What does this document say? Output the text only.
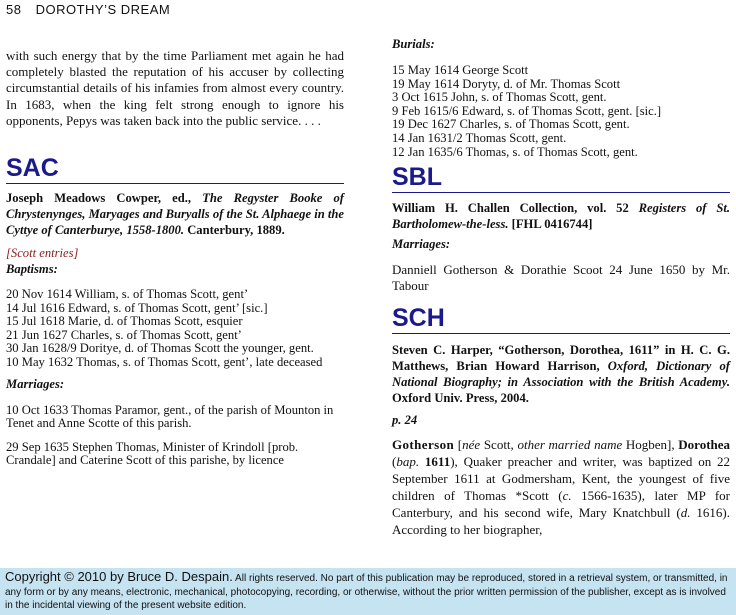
58 DOROTHY’S DREAM

with such energy that by the time Parliament met again he had completely blasted the reputation of his accuser by collecting circumstantial details of his infamies from almost every country. In 1683, when the king felt strong enough to ignore his opponents, Pepys was taken back into the public service. . . .

SAC

Joseph Meadows Cowper, ed., The Regyster Booke of Chrystenynges, Maryages and Buryalls of the St. Alphaege in the Cyttye of Canterburye, 1558-1800. Canterbury, 1889.

[Scott entries]

Baptisms:

20 Nov 1614 William, s. of Thomas Scott, gent’

14 Jul 1616 Edward, s. of Thomas Scott, gent’ [sic.]

15 Jul 1618 Marie, d. of Thomas Scott, esquier

21 Jun 1627 Charles, s. of Thomas Scott, gent’

30 Jan 1628/9 Doritye, d. of Thomas Scott the younger, gent.

10 May 1632 Thomas, s. of Thomas Scott, gent’, late deceased

Marriages:

10 Oct 1633 Thomas Paramor, gent., of the parish of Mounton in Tenet and Anne Scotte of this parish.

29 Sep 1635 Stephen Thomas, Minister of Krindoll [prob. Crandale] and Caterine Scott of this parishe, by licence

Burials:

15 May 1614 George Scott

19 May 1614 Doryty, d. of Mr. Thomas Scott

3 Oct 1615 John, s. of Thomas Scott, gent.

9 Feb 1615/6 Edward, s. of Thomas Scott, gent. [sic.]

19 Dec 1627 Charles, s. of Thomas Scott, gent.

14 Jan 1631/2 Thomas Scott, gent.

12 Jan 1635/6 Thomas, s. of Thomas Scott, gent.

SBL

William H. Challen Collection, vol. 52 Registers of St. Bartholomew-the-less. [FHL 0416744]

Marriages:

Danniell Gotherson & Dorathie Scoot 24 June 1650 by Mr. Tabour

SCH

Steven C. Harper, “Gotherson, Dorothea, 1611” in H. C. G. Matthews, Brian Howard Harrison, Oxford, Dictionary of National Biography; in Association with the British Academy. Oxford Univ. Press, 2004.

p. 24

Gotherson [née Scott, other married name Hogben], Dorothea (bap. 1611), Quaker preacher and writer, was baptized on 22 September 1611 at Godmersham, Kent, the youngest of five children of Thomas *Scott (c. 1566-1635), later MP for Canterbury, and his second wife, Mary Knatchbull (d. 1616). According to her biographer,

Copyright © 2010 by Bruce D. Despain. All rights reserved. No part of this publication may be reproduced, stored in a retrieval system, or transmitted, in any form or by any means, electronic, mechanical, photocopying, recording, or otherwise, without the prior written permission of the publisher, except as is involved in the incidental viewing of the present website edition.
